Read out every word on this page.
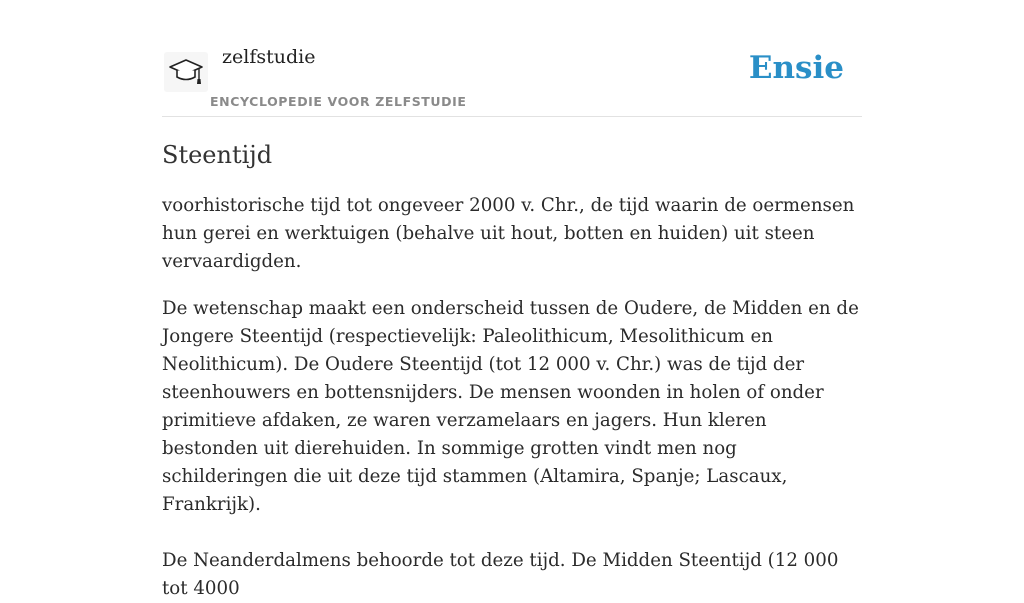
zelfstudie
ENCYCLOPEDIE VOOR ZELFSTUDIE
Ensie
Steentijd

voorhistorische tijd tot ongeveer 2000 v. Chr., de tijd waarin de oermensen hun gerei en werktuigen (behalve uit hout, botten en huiden) uit steen vervaardigden.

De wetenschap maakt een onderscheid tussen de Oudere, de Midden en de Jongere Steentijd (respectievelijk: Paleolithicum, Mesolithicum en Neolithicum). De Oudere Steentijd (tot 12 000 v. Chr.) was de tijd der steenhouwers en bottensnijders. De mensen woonden in holen of onder primitieve afdaken, ze waren verzamelaars en jagers. Hun kleren bestonden uit dierehuiden. In sommige grotten vindt men nog schilderingen die uit deze tijd stammen (Altamira, Spanje; Lascaux, Frankrijk).

De Neanderdalmens behoorde tot deze tijd. De Midden Steentijd (12 000 tot 4000
